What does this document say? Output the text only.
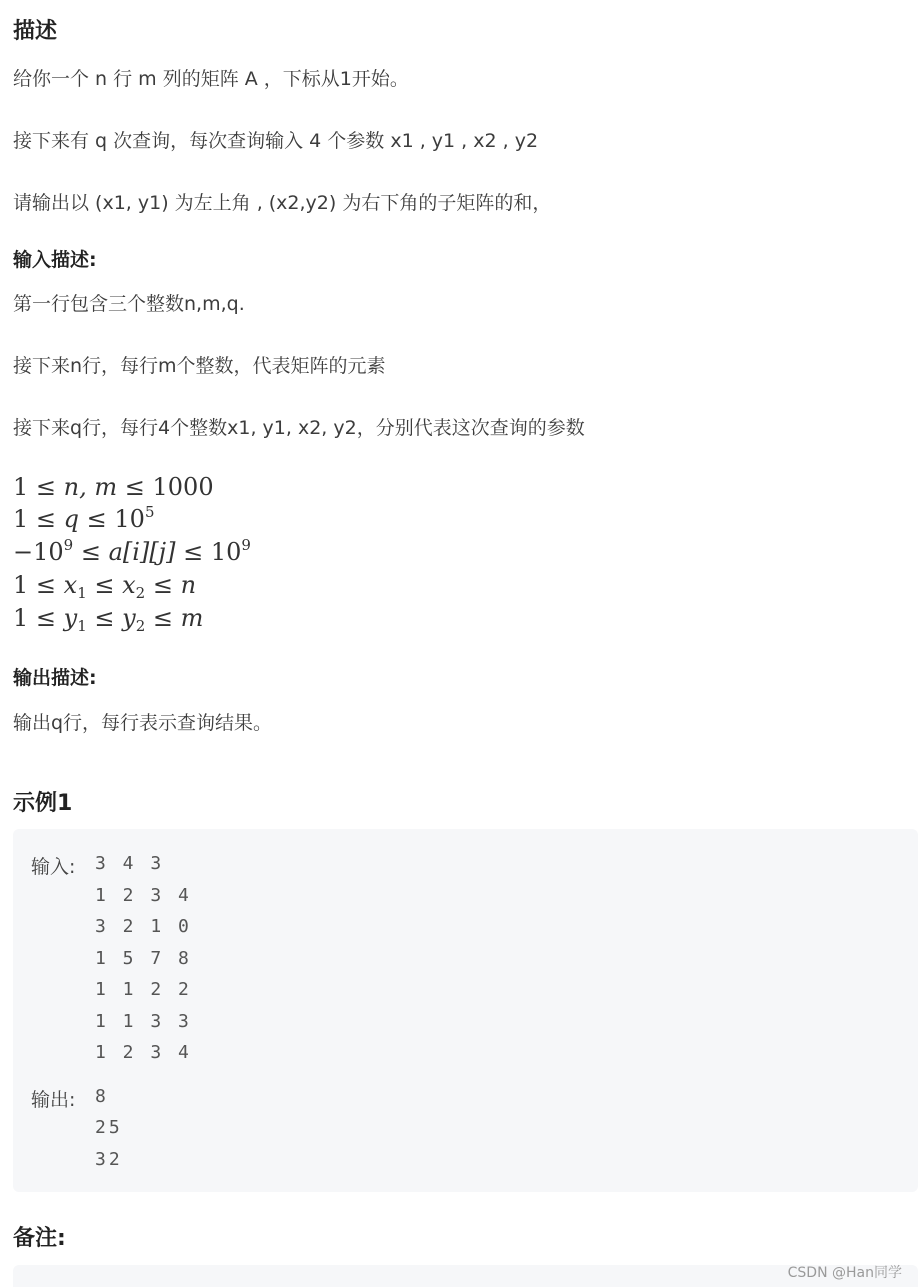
描述
给你一个 n 行 m 列的矩阵 A ，下标从1开始。
接下来有 q 次查询，每次查询输入 4 个参数 x1 , y1 , x2 , y2
请输出以 (x1, y1) 为左上角 , (x2,y2) 为右下角的子矩阵的和，
输入描述:
第一行包含三个整数n,m,q.
接下来n行，每行m个整数，代表矩阵的元素
接下来q行，每行4个整数x1, y1, x2, y2，分别代表这次查询的参数
1 ≤ n, m ≤ 1000
$1 \le q \le 10^5$
$-10^9 \le a[i][j] \le 10^9$
$1 \le x_1 \le x_2 \le n$
$1 \le y_1 \le y_2 \le m$
输出描述:
输出q行，每行表示查询结果。
示例1
输入: 3 4 3
1 2 3 4
3 2 1 0
1 5 7 8
1 1 2 2
1 1 3 3
1 2 3 4
输出: 8
25
32
备注:
CSDN @Han同学
